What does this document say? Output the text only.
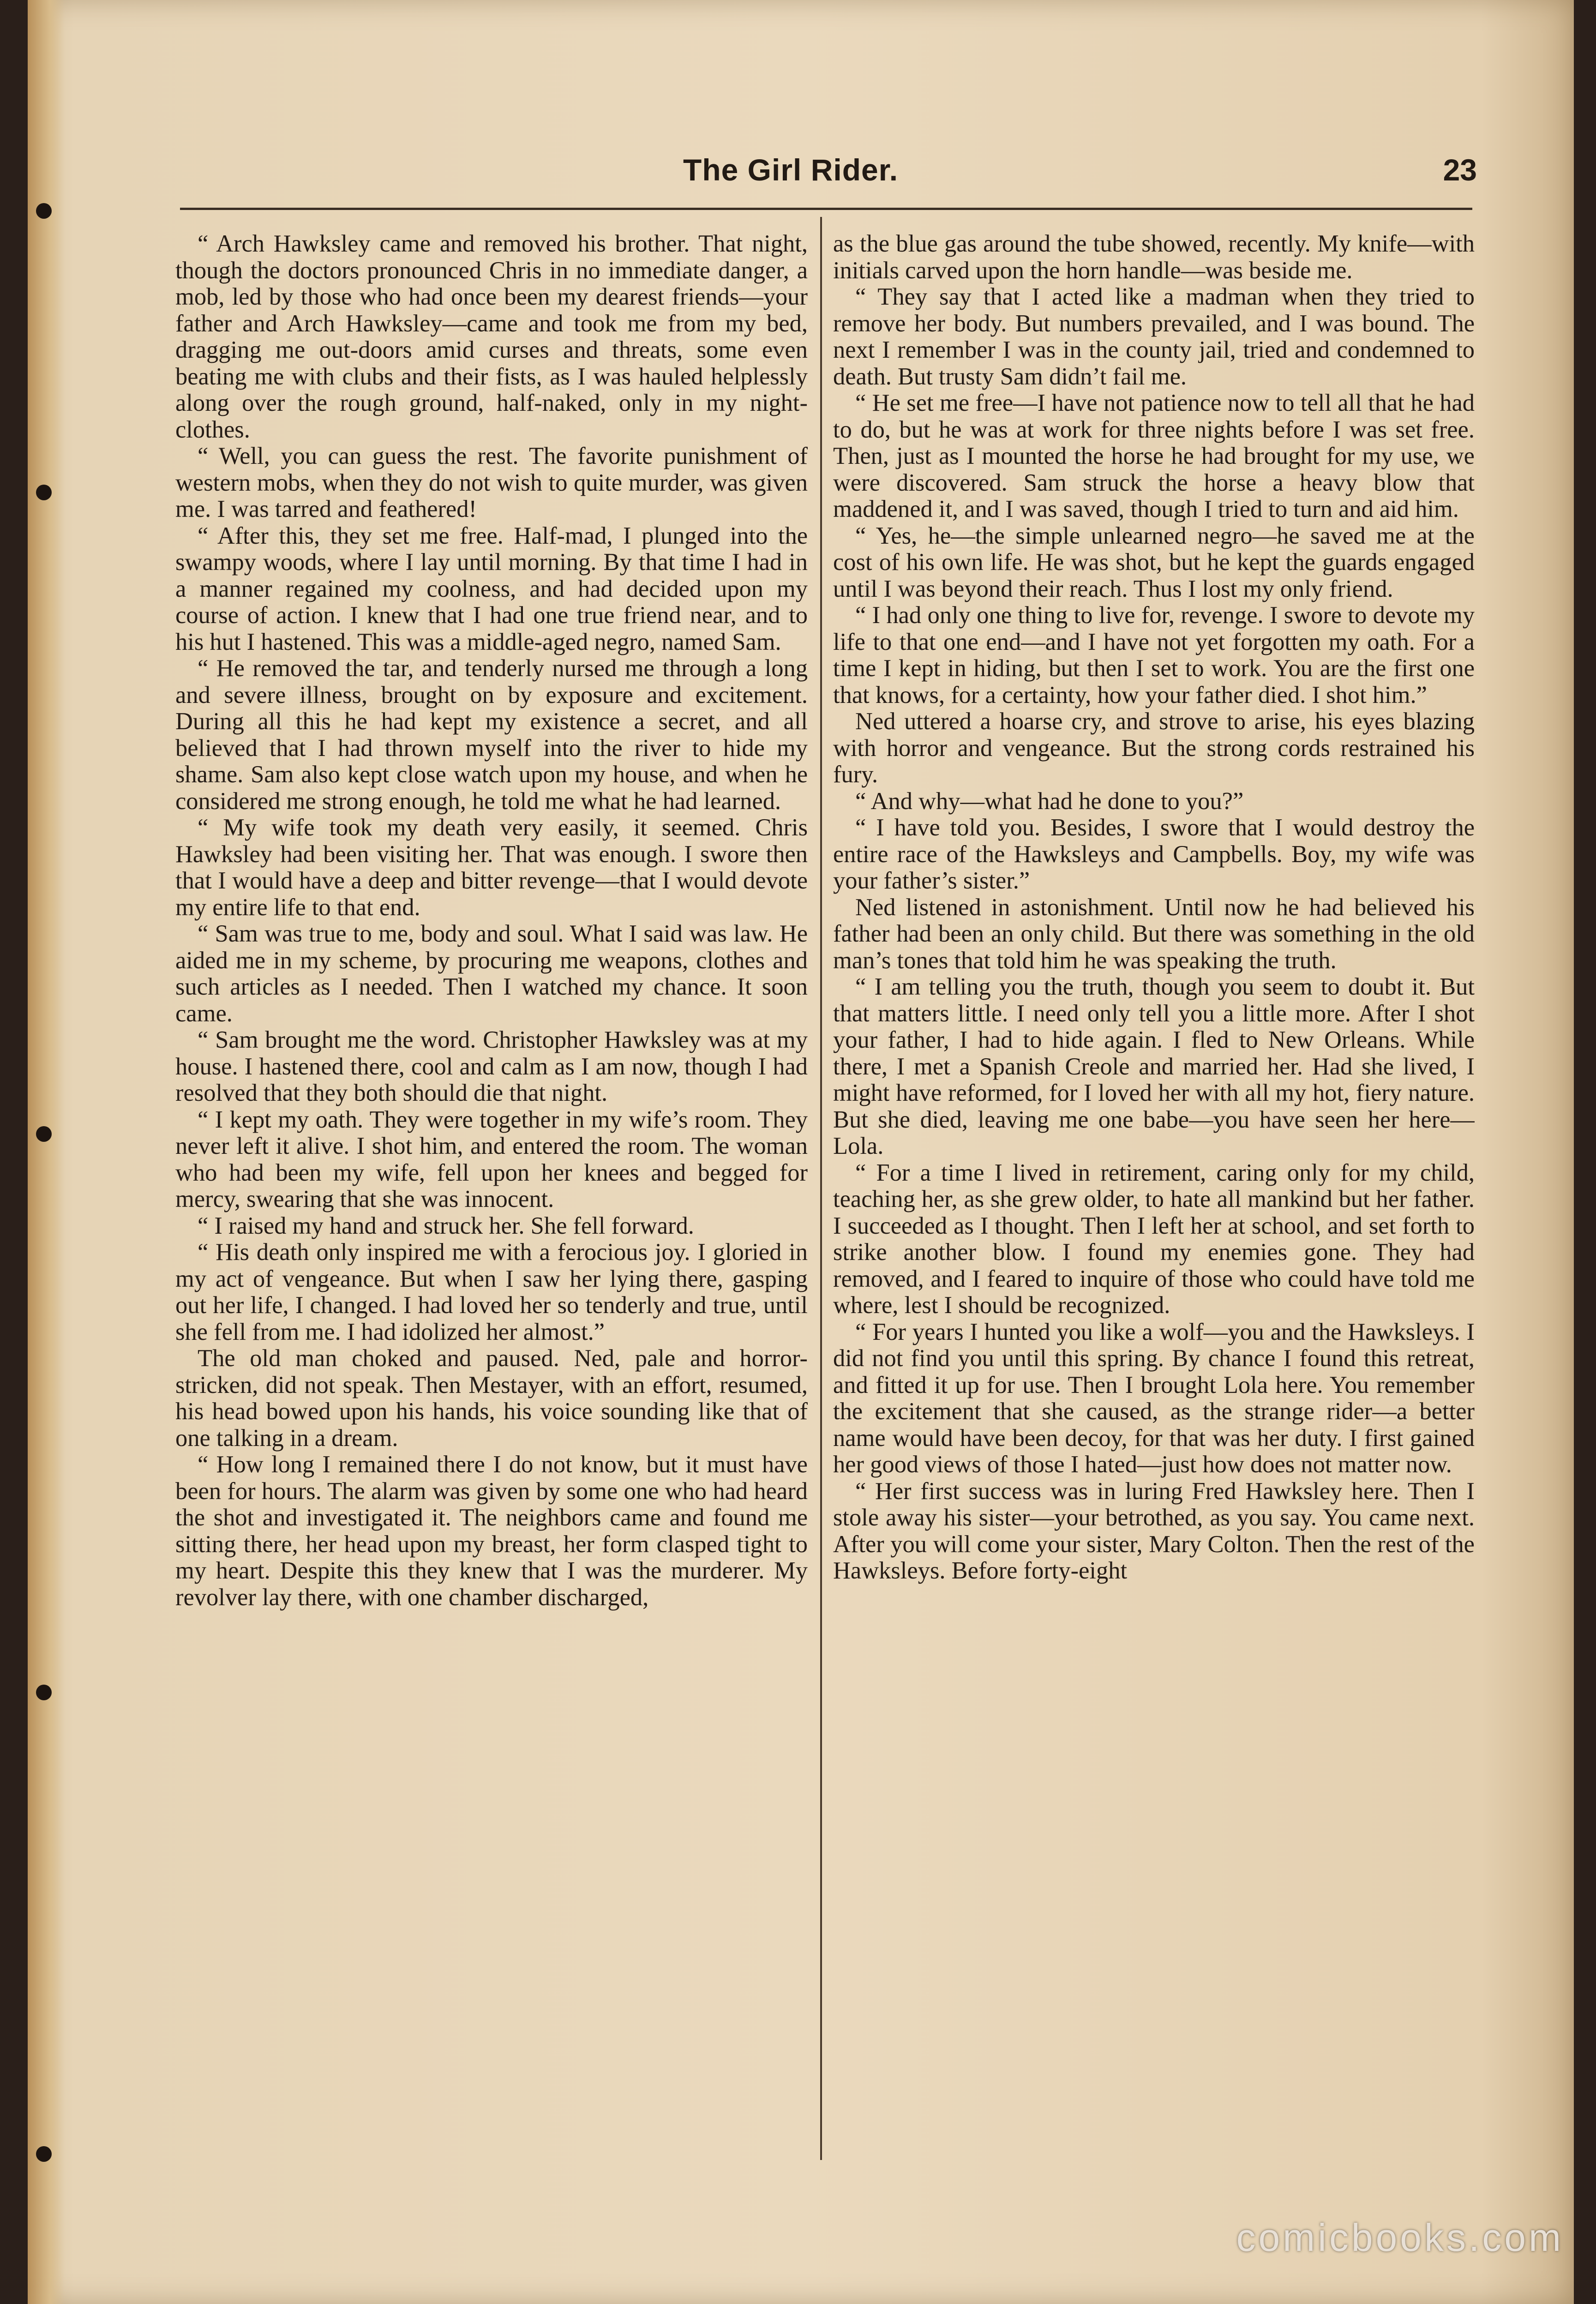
The Girl Rider.	23

“ Arch Hawksley came and removed his brother. That night, though the doctors pronounced Chris in no immediate danger, a mob, led by those who had once been my dearest friends—your father and Arch Hawksley—came and took me from my bed, dragging me out-doors amid curses and threats, some even beating me with clubs and their fists, as I was hauled helplessly along over the rough ground, half-naked, only in my night-clothes.

“ Well, you can guess the rest. The favorite punishment of western mobs, when they do not wish to quite murder, was given me. I was tarred and feathered!

“ After this, they set me free. Half-mad, I plunged into the swampy woods, where I lay until morning. By that time I had in a manner regained my coolness, and had decided upon my course of action. I knew that I had one true friend near, and to his hut I hastened. This was a middle-aged negro, named Sam.

“ He removed the tar, and tenderly nursed me through a long and severe illness, brought on by exposure and excitement. During all this he had kept my existence a secret, and all believed that I had thrown myself into the river to hide my shame. Sam also kept close watch upon my house, and when he considered me strong enough, he told me what he had learned.

“ My wife took my death very easily, it seemed. Chris Hawksley had been visiting her. That was enough. I swore then that I would have a deep and bitter revenge—that I would devote my entire life to that end.

“ Sam was true to me, body and soul. What I said was law. He aided me in my scheme, by procuring me weapons, clothes and such articles as I needed. Then I watched my chance. It soon came.

“ Sam brought me the word. Christopher Hawksley was at my house. I hastened there, cool and calm as I am now, though I had resolved that they both should die that night.

“ I kept my oath. They were together in my wife’s room. They never left it alive. I shot him, and entered the room. The woman who had been my wife, fell upon her knees and begged for mercy, swearing that she was innocent.

“ I raised my hand and struck her. She fell forward.

“ His death only inspired me with a ferocious joy. I gloried in my act of vengeance. But when I saw her lying there, gasping out her life, I changed. I had loved her so tenderly and true, until she fell from me. I had idolized her almost.”

The old man choked and paused. Ned, pale and horror-stricken, did not speak. Then Mestayer, with an effort, resumed, his head bowed upon his hands, his voice sounding like that of one talking in a dream.

“ How long I remained there I do not know, but it must have been for hours. The alarm was given by some one who had heard the shot and investigated it. The neighbors came and found me sitting there, her head upon my breast, her form clasped tight to my heart. Despite this they knew that I was the murderer. My revolver lay there, with one chamber discharged,

as the blue gas around the tube showed, recently. My knife—with initials carved upon the horn handle—was beside me.

“ They say that I acted like a madman when they tried to remove her body. But numbers prevailed, and I was bound. The next I remember I was in the county jail, tried and condemned to death. But trusty Sam didn’t fail me.

“ He set me free—I have not patience now to tell all that he had to do, but he was at work for three nights before I was set free. Then, just as I mounted the horse he had brought for my use, we were discovered. Sam struck the horse a heavy blow that maddened it, and I was saved, though I tried to turn and aid him.

“ Yes, he—the simple unlearned negro—he saved me at the cost of his own life. He was shot, but he kept the guards engaged until I was beyond their reach. Thus I lost my only friend.

“ I had only one thing to live for, revenge. I swore to devote my life to that one end—and I have not yet forgotten my oath. For a time I kept in hiding, but then I set to work. You are the first one that knows, for a certainty, how your father died. I shot him.”

Ned uttered a hoarse cry, and strove to arise, his eyes blazing with horror and vengeance. But the strong cords restrained his fury.

“ And why—what had he done to you?”

“ I have told you. Besides, I swore that I would destroy the entire race of the Hawksleys and Campbells. Boy, my wife was your father’s sister.”

Ned listened in astonishment. Until now he had believed his father had been an only child. But there was something in the old man’s tones that told him he was speaking the truth.

“ I am telling you the truth, though you seem to doubt it. But that matters little. I need only tell you a little more. After I shot your father, I had to hide again. I fled to New Orleans. While there, I met a Spanish Creole and married her. Had she lived, I might have reformed, for I loved her with all my hot, fiery nature. But she died, leaving me one babe—you have seen her here—Lola.

“ For a time I lived in retirement, caring only for my child, teaching her, as she grew older, to hate all mankind but her father. I succeeded as I thought. Then I left her at school, and set forth to strike another blow. I found my enemies gone. They had removed, and I feared to inquire of those who could have told me where, lest I should be recognized.

“ For years I hunted you like a wolf—you and the Hawksleys. I did not find you until this spring. By chance I found this retreat, and fitted it up for use. Then I brought Lola here. You remember the excitement that she caused, as the strange rider—a better name would have been decoy, for that was her duty. I first gained her good views of those I hated—just how does not matter now.

“ Her first success was in luring Fred Hawksley here. Then I stole away his sister—your betrothed, as you say. You came next. After you will come your sister, Mary Colton. Then the rest of the Hawksleys. Before forty-eight

comicbooks.com
